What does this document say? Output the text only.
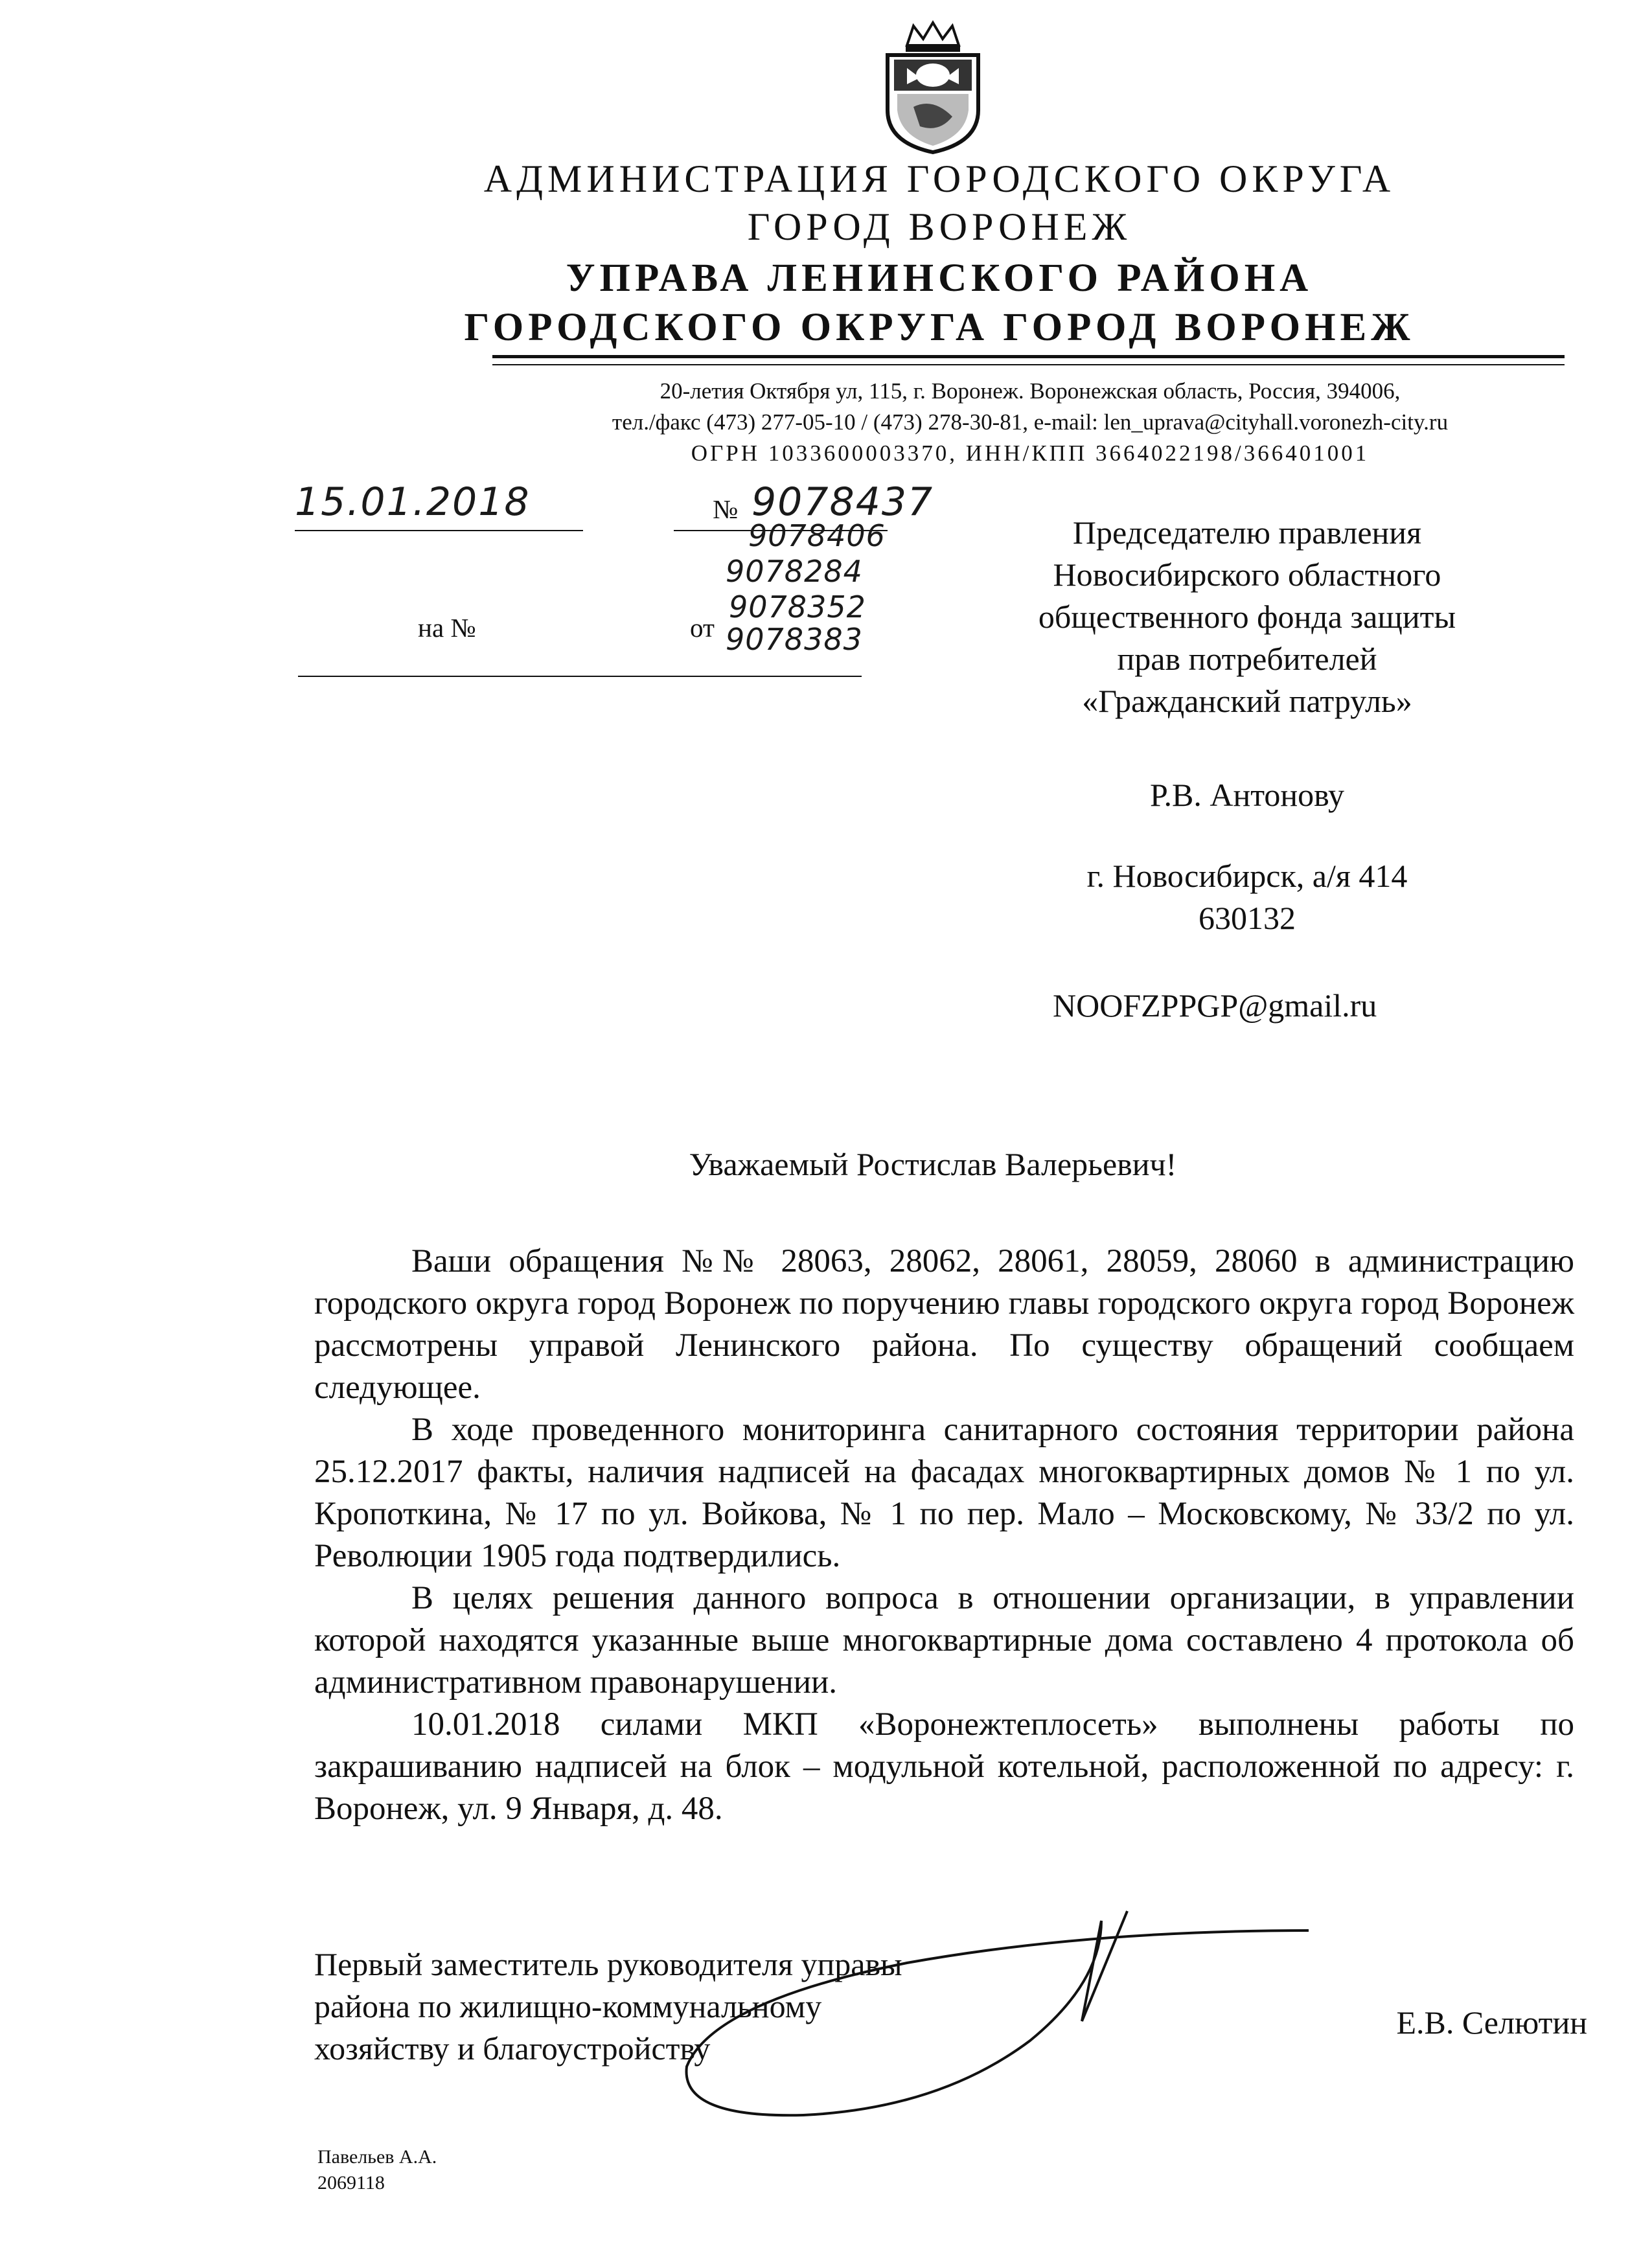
АДМИНИСТРАЦИЯ ГОРОДСКОГО ОКРУГА
ГОРОД ВОРОНЕЖ
УПРАВА ЛЕНИНСКОГО РАЙОНА
ГОРОДСКОГО ОКРУГА ГОРОД ВОРОНЕЖ
20-летия Октября ул, 115, г. Воронеж. Воронежская область, Россия, 394006,
тел./факс (473) 277-05-10 / (473) 278-30-81, e-mail: len_uprava@cityhall.voronezh-city.ru
ОГРН 1033600003370, ИНН/КПП 3664022198/366401001
15.01.2018	№ 9078437
9078406
9078284
9078352
9078383
на №	от
Председателю правления
Новосибирского областного
общественного фонда защиты
прав потребителей
«Гражданский патруль»
Р.В. Антонову
г. Новосибирск, а/я 414
630132
NOOFZPPGP@gmail.ru
Уважаемый Ростислав Валерьевич!

Ваши обращения №№ 28063, 28062, 28061, 28059, 28060 в администрацию городского округа город Воронеж по поручению главы городского округа город Воронеж рассмотрены управой Ленинского района. По существу обращений сообщаем следующее.

В ходе проведенного мониторинга санитарного состояния территории района 25.12.2017 факты, наличия надписей на фасадах многоквартирных домов № 1 по ул. Кропоткина, № 17 по ул. Войкова, № 1 по пер. Мало – Московскому, № 33/2 по ул. Революции 1905 года подтвердились.

В целях решения данного вопроса в отношении организации, в управлении которой находятся указанные выше многоквартирные дома составлено 4 протокола об административном правонарушении.

10.01.2018 силами МКП «Воронежтеплосеть» выполнены работы по закрашиванию надписей на блок – модульной котельной, расположенной по адресу: г. Воронеж, ул. 9 Января, д. 48.

Первый заместитель руководителя управы
района по жилищно-коммунальному
хозяйству и благоустройству
Е.В. Селютин
Павельев А.А.
2069118
